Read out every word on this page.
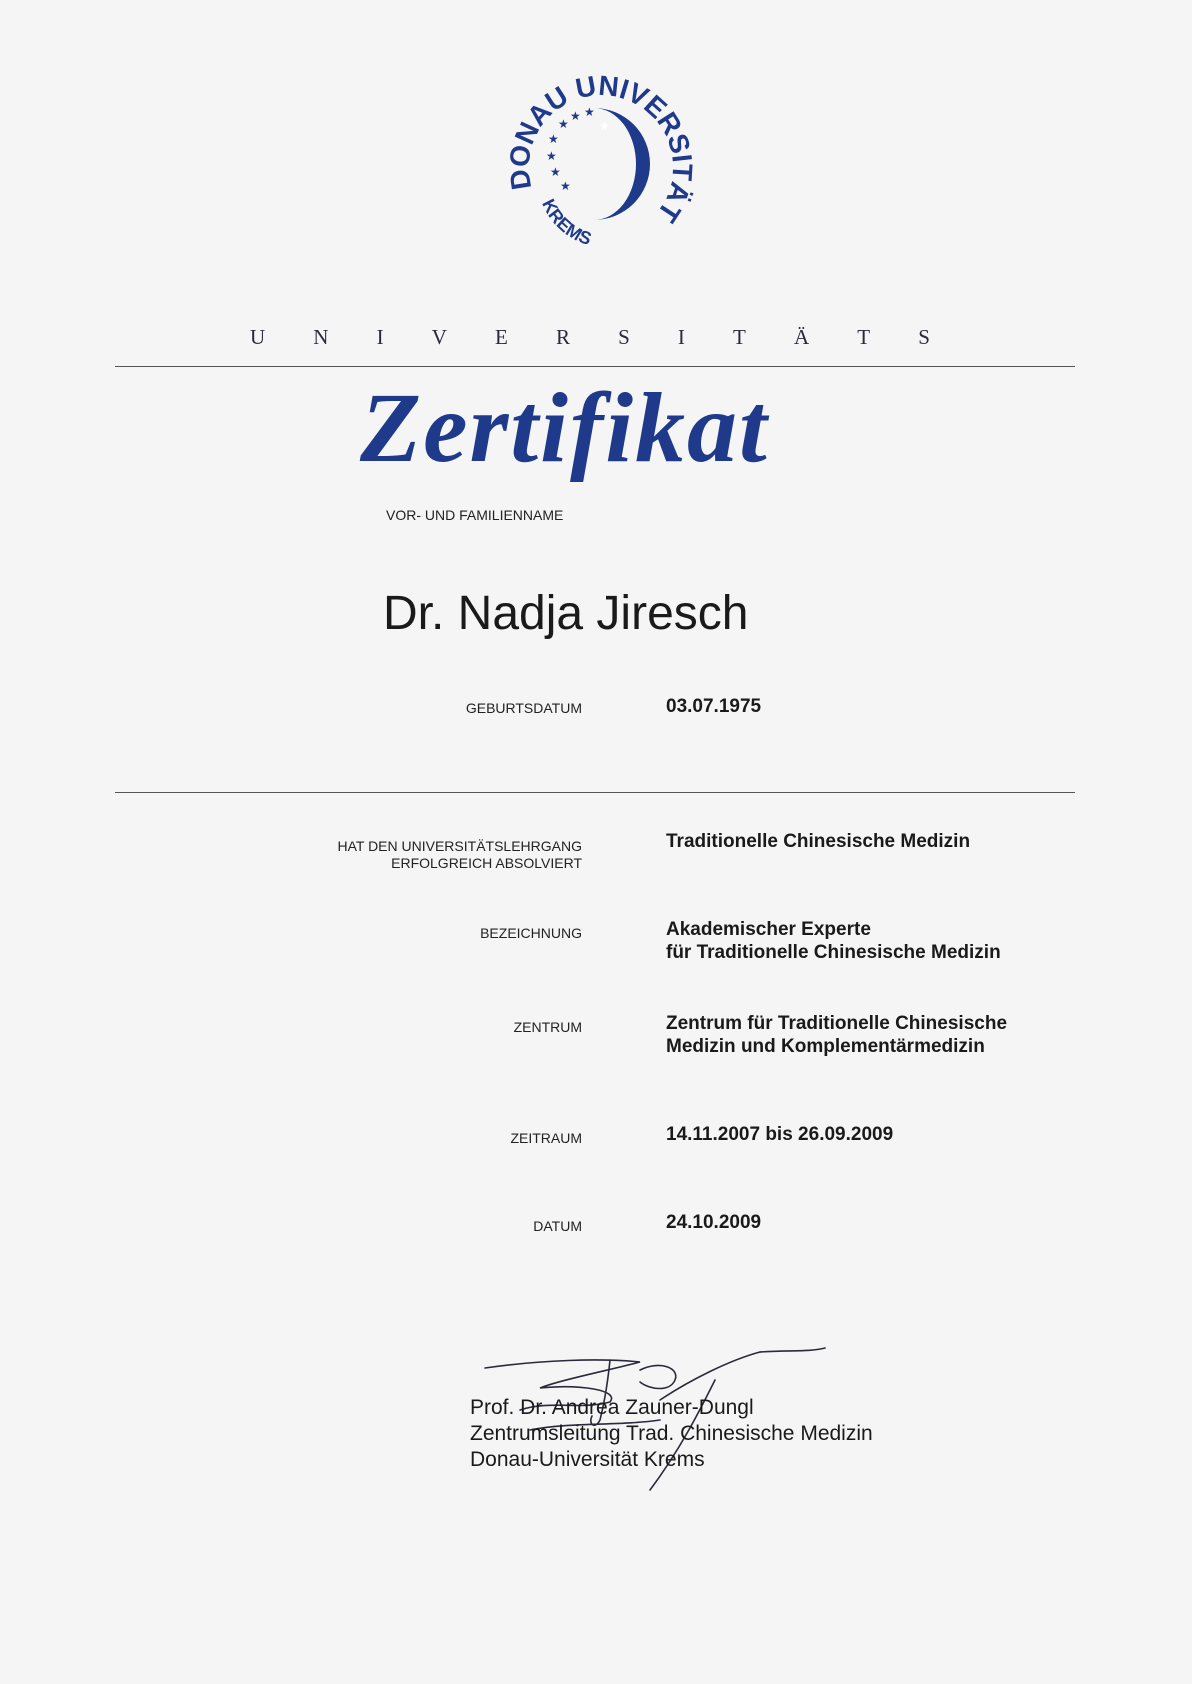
DONAU UNIVERSITÄT
KREMS
★
★
★
★
★
★
★
★
U N I V E R S I T Ä T S
Zertifikat
VOR- UND FAMILIENNAME
Dr. Nadja Jiresch
GEBURTSDATUM	03.07.1975
HAT DEN UNIVERSITÄTSLEHRGANG
ERFOLGREICH ABSOLVIERT
Traditionelle Chinesische Medizin
BEZEICHNUNG	Akademischer Experte
für Traditionelle Chinesische Medizin
ZENTRUM	Zentrum für Traditionelle Chinesische
Medizin und Komplementärmedizin
ZEITRAUM	14.11.2007 bis 26.09.2009
DATUM	24.10.2009
Prof. Dr. Andrea Zauner-Dungl
Zentrumsleitung Trad. Chinesische Medizin
Donau-Universität Krems
